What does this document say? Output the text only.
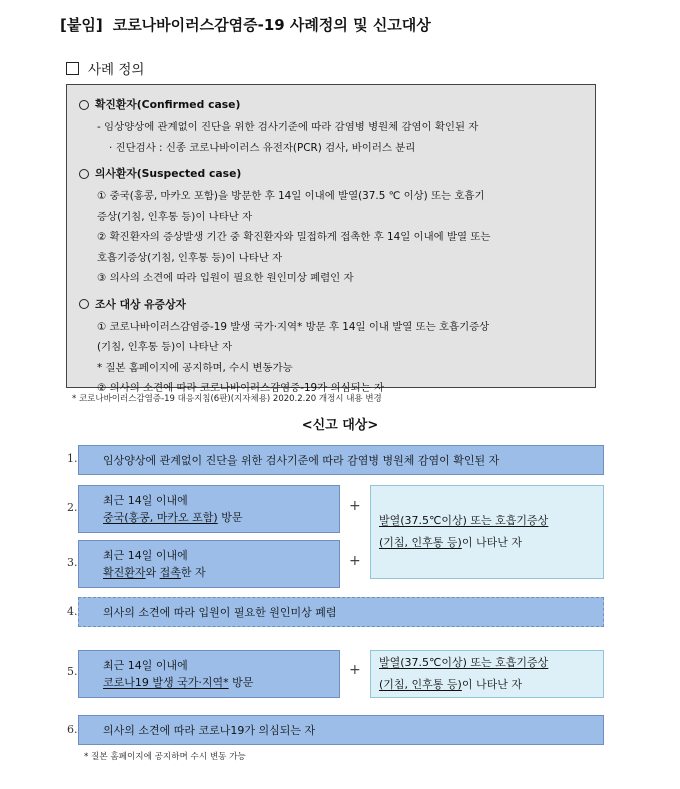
[붙임] 코로나바이러스감염증-19 사례정의 및 신고대상
사례 정의
확진환자(Confirmed case)
- 임상양상에 관계없이 진단을 위한 검사기준에 따라 감염병 병원체 감염이 확인된 자
· 진단검사 : 신종 코로나바이러스 유전자(PCR) 검사, 바이러스 분리
의사환자(Suspected case)
① 중국(홍콩, 마카오 포함)을 방문한 후 14일 이내에 발열(37.5 ℃ 이상) 또는 호흡기
증상(기침, 인후통 등)이 나타난 자
② 확진환자의 증상발생 기간 중 확진환자와 밀접하게 접촉한 후 14일 이내에 발열 또는
호흡기증상(기침, 인후통 등)이 나타난 자
③ 의사의 소견에 따라 입원이 필요한 원인미상 폐렴인 자
조사 대상 유증상자
① 코로나바이러스감염증-19 발생 국가·지역* 방문 후 14일 이내 발열 또는 호흡기증상
(기침, 인후통 등)이 나타난 자
* 질본 홈페이지에 공지하며, 수시 변동가능
② 의사의 소견에 따라 코로나바이러스감염증-19가 의심되는 자
* 코로나바이러스감염증-19 대응지침(6판)(지자체용) 2020.2.20 개정시 내용 변경
<신고 대상>
1. 임상양상에 관계없이 진단을 위한 검사기준에 따라 감염병 병원체 감염이 확인된 자
2.
최근 14일 이내에
중국(홍콩, 마카오 포함) 방문
+
3.
최근 14일 이내에
확진환자와 접촉한 자
+
발열(37.5℃이상) 또는 호흡기증상
(기침, 인후통 등)이 나타난 자
4. 의사의 소견에 따라 입원이 필요한 원인미상 폐렴
5. 최근 14일 이내에
코로나19 발생 국가·지역* 방문
+ 발열(37.5℃이상) 또는 호흡기증상
(기침, 인후통 등)이 나타난 자
6. 의사의 소견에 따라 코로나19가 의심되는 자
* 질본 홈페이지에 공지하며 수시 변동 가능
